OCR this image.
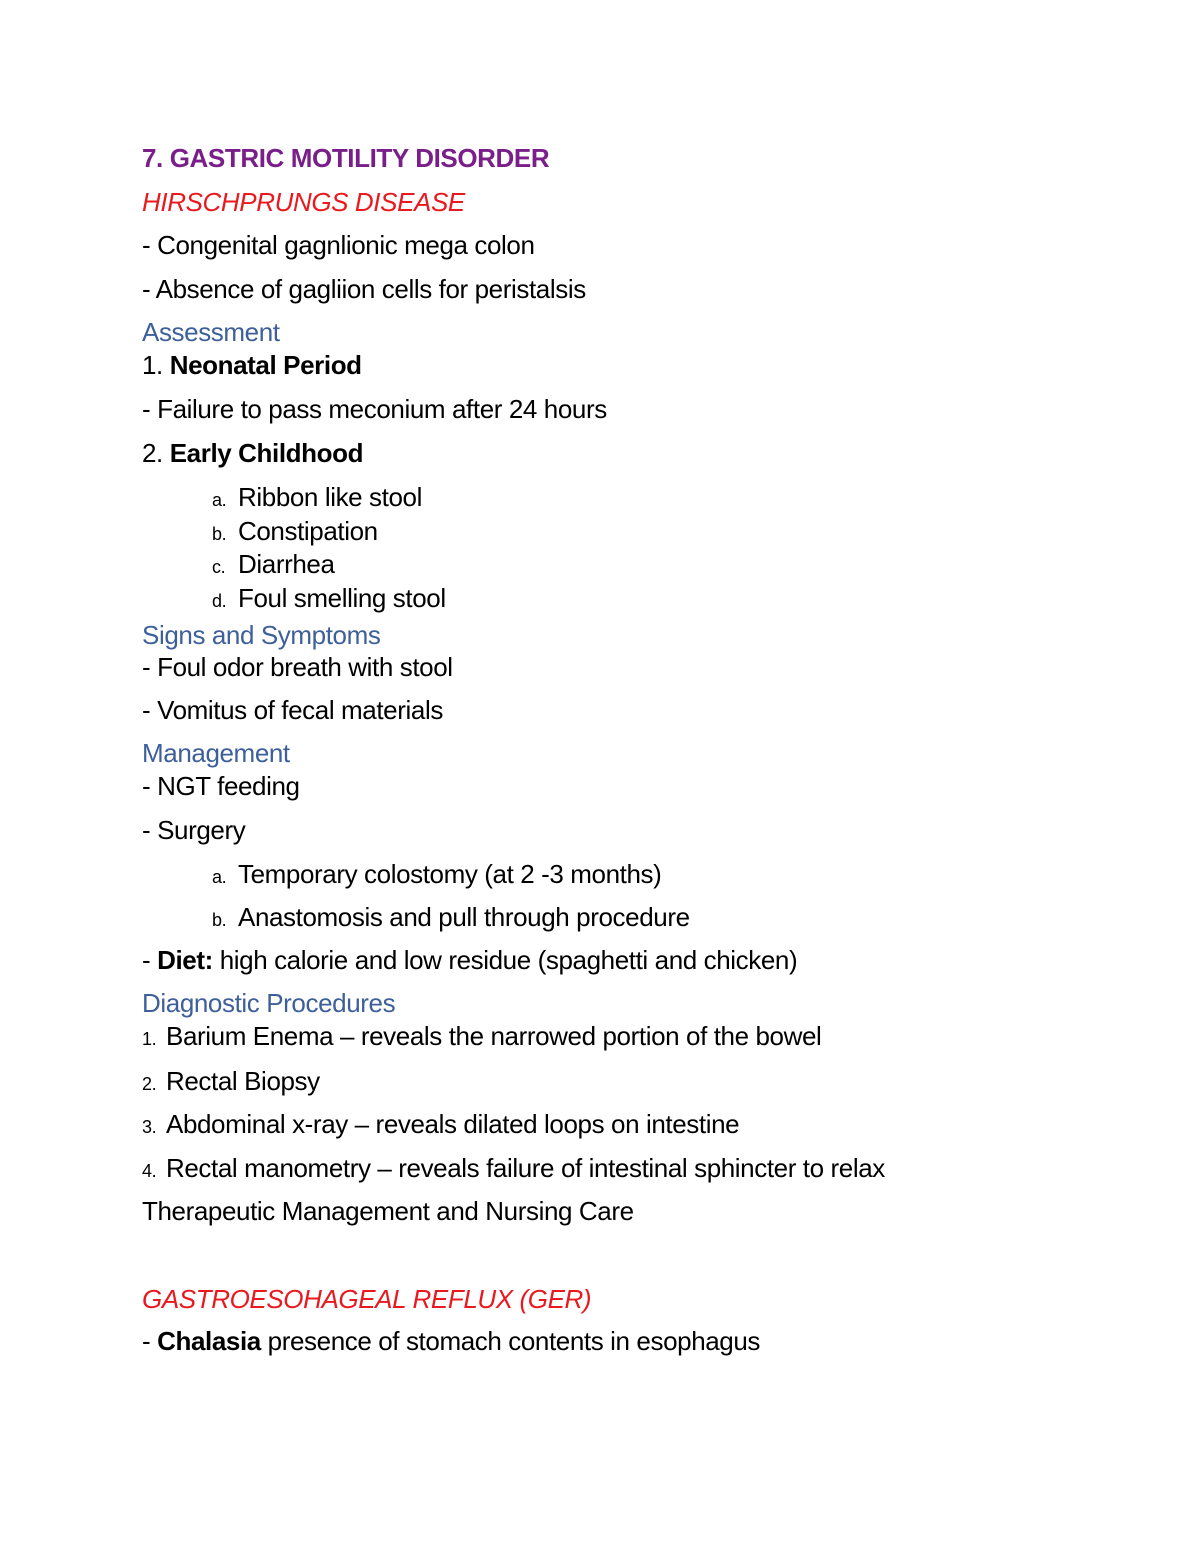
7. GASTRIC MOTILITY DISORDER
HIRSCHPRUNGS DISEASE
- Congenital gagnlionic mega colon
- Absence of gagliion cells for peristalsis
Assessment
1. Neonatal Period
- Failure to pass meconium after 24 hours
2. Early Childhood
a. Ribbon like stool
b. Constipation
c. Diarrhea
d. Foul smelling stool
Signs and Symptoms
- Foul odor breath with stool
- Vomitus of fecal materials
Management
- NGT feeding
- Surgery
a. Temporary colostomy (at 2 -3 months)
b. Anastomosis and pull through procedure
- Diet: high calorie and low residue (spaghetti and chicken)
Diagnostic Procedures
1. Barium Enema – reveals the narrowed portion of the bowel
2. Rectal Biopsy
3. Abdominal x-ray – reveals dilated loops on intestine
4. Rectal manometry – reveals failure of intestinal sphincter to relax
Therapeutic Management and Nursing Care
GASTROESOHAGEAL REFLUX (GER)
- Chalasia presence of stomach contents in esophagus
